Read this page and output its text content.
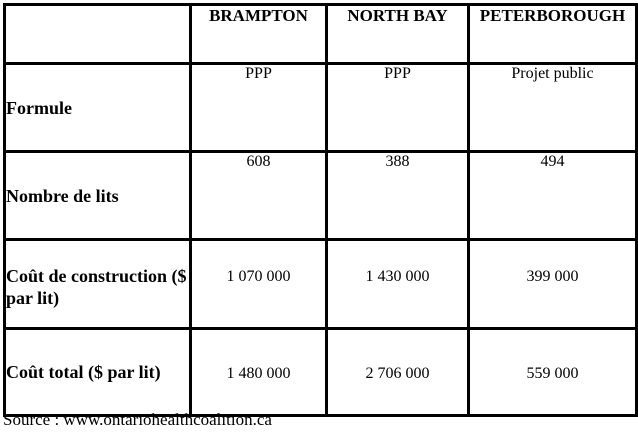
	BRAMPTON	NORTH BAY	PETERBOROUGH
Formule	PPP	PPP	Projet public
Nombre de lits	608	388	494
Coût de construction ($ par lit)	1 070 000	1 430 000	399 000
Coût total ($ par lit)	1 480 000	2 706 000	559 000
Source : www.ontariohealthcoalition.ca
